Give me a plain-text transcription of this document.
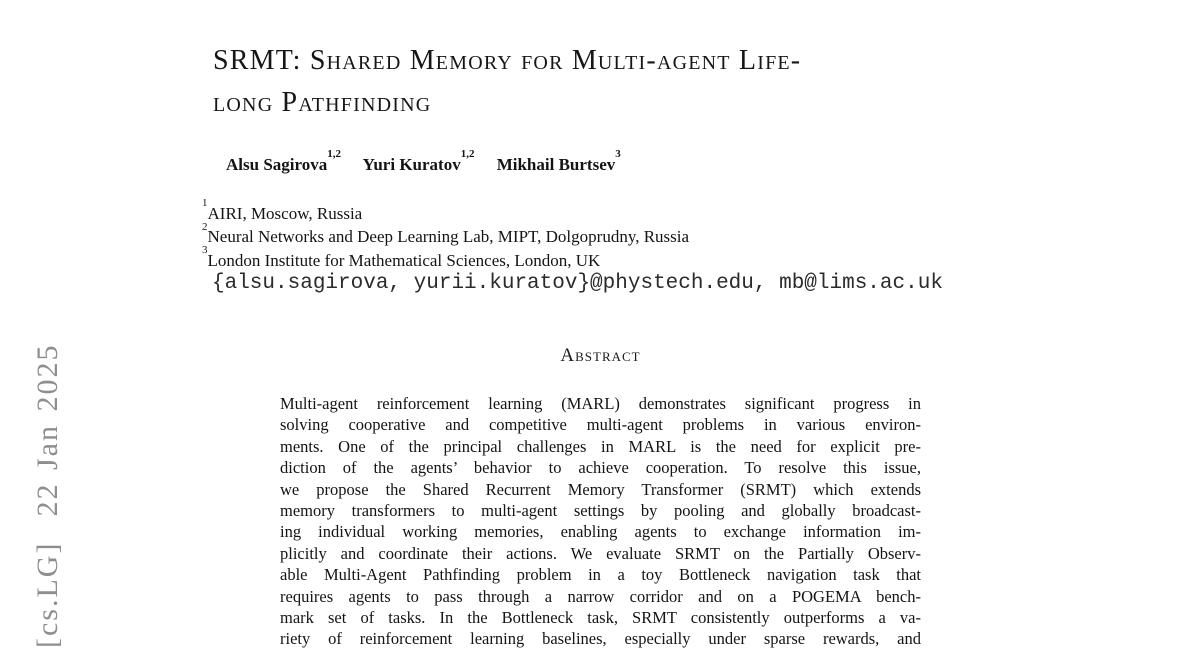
[cs.LG]  22 Jan 2025
SRMT: Shared Memory for Multi-agent Life-
long Pathfinding
Alsu Sagirova$^{1,2}$ Yuri Kuratov$^{1,2}$ Mikhail Burtsev$^3$
$^1$AIRI, Moscow, Russia
$^2$Neural Networks and Deep Learning Lab, MIPT, Dolgoprudny, Russia
$^3$London Institute for Mathematical Sciences, London, UK
{alsu.sagirova, yurii.kuratov}@phystech.edu, mb@lims.ac.uk
Abstract
Multi-agent reinforcement learning (MARL) demonstrates significant progress in
solving cooperative and competitive multi-agent problems in various environ-
ments. One of the principal challenges in MARL is the need for explicit pre-
diction of the agents’ behavior to achieve cooperation. To resolve this issue,
we propose the Shared Recurrent Memory Transformer (SRMT) which extends
memory transformers to multi-agent settings by pooling and globally broadcast-
ing individual working memories, enabling agents to exchange information im-
plicitly and coordinate their actions. We evaluate SRMT on the Partially Observ-
able Multi-Agent Pathfinding problem in a toy Bottleneck navigation task that
requires agents to pass through a narrow corridor and on a POGEMA bench-
mark set of tasks. In the Bottleneck task, SRMT consistently outperforms a va-
riety of reinforcement learning baselines, especially under sparse rewards, and
